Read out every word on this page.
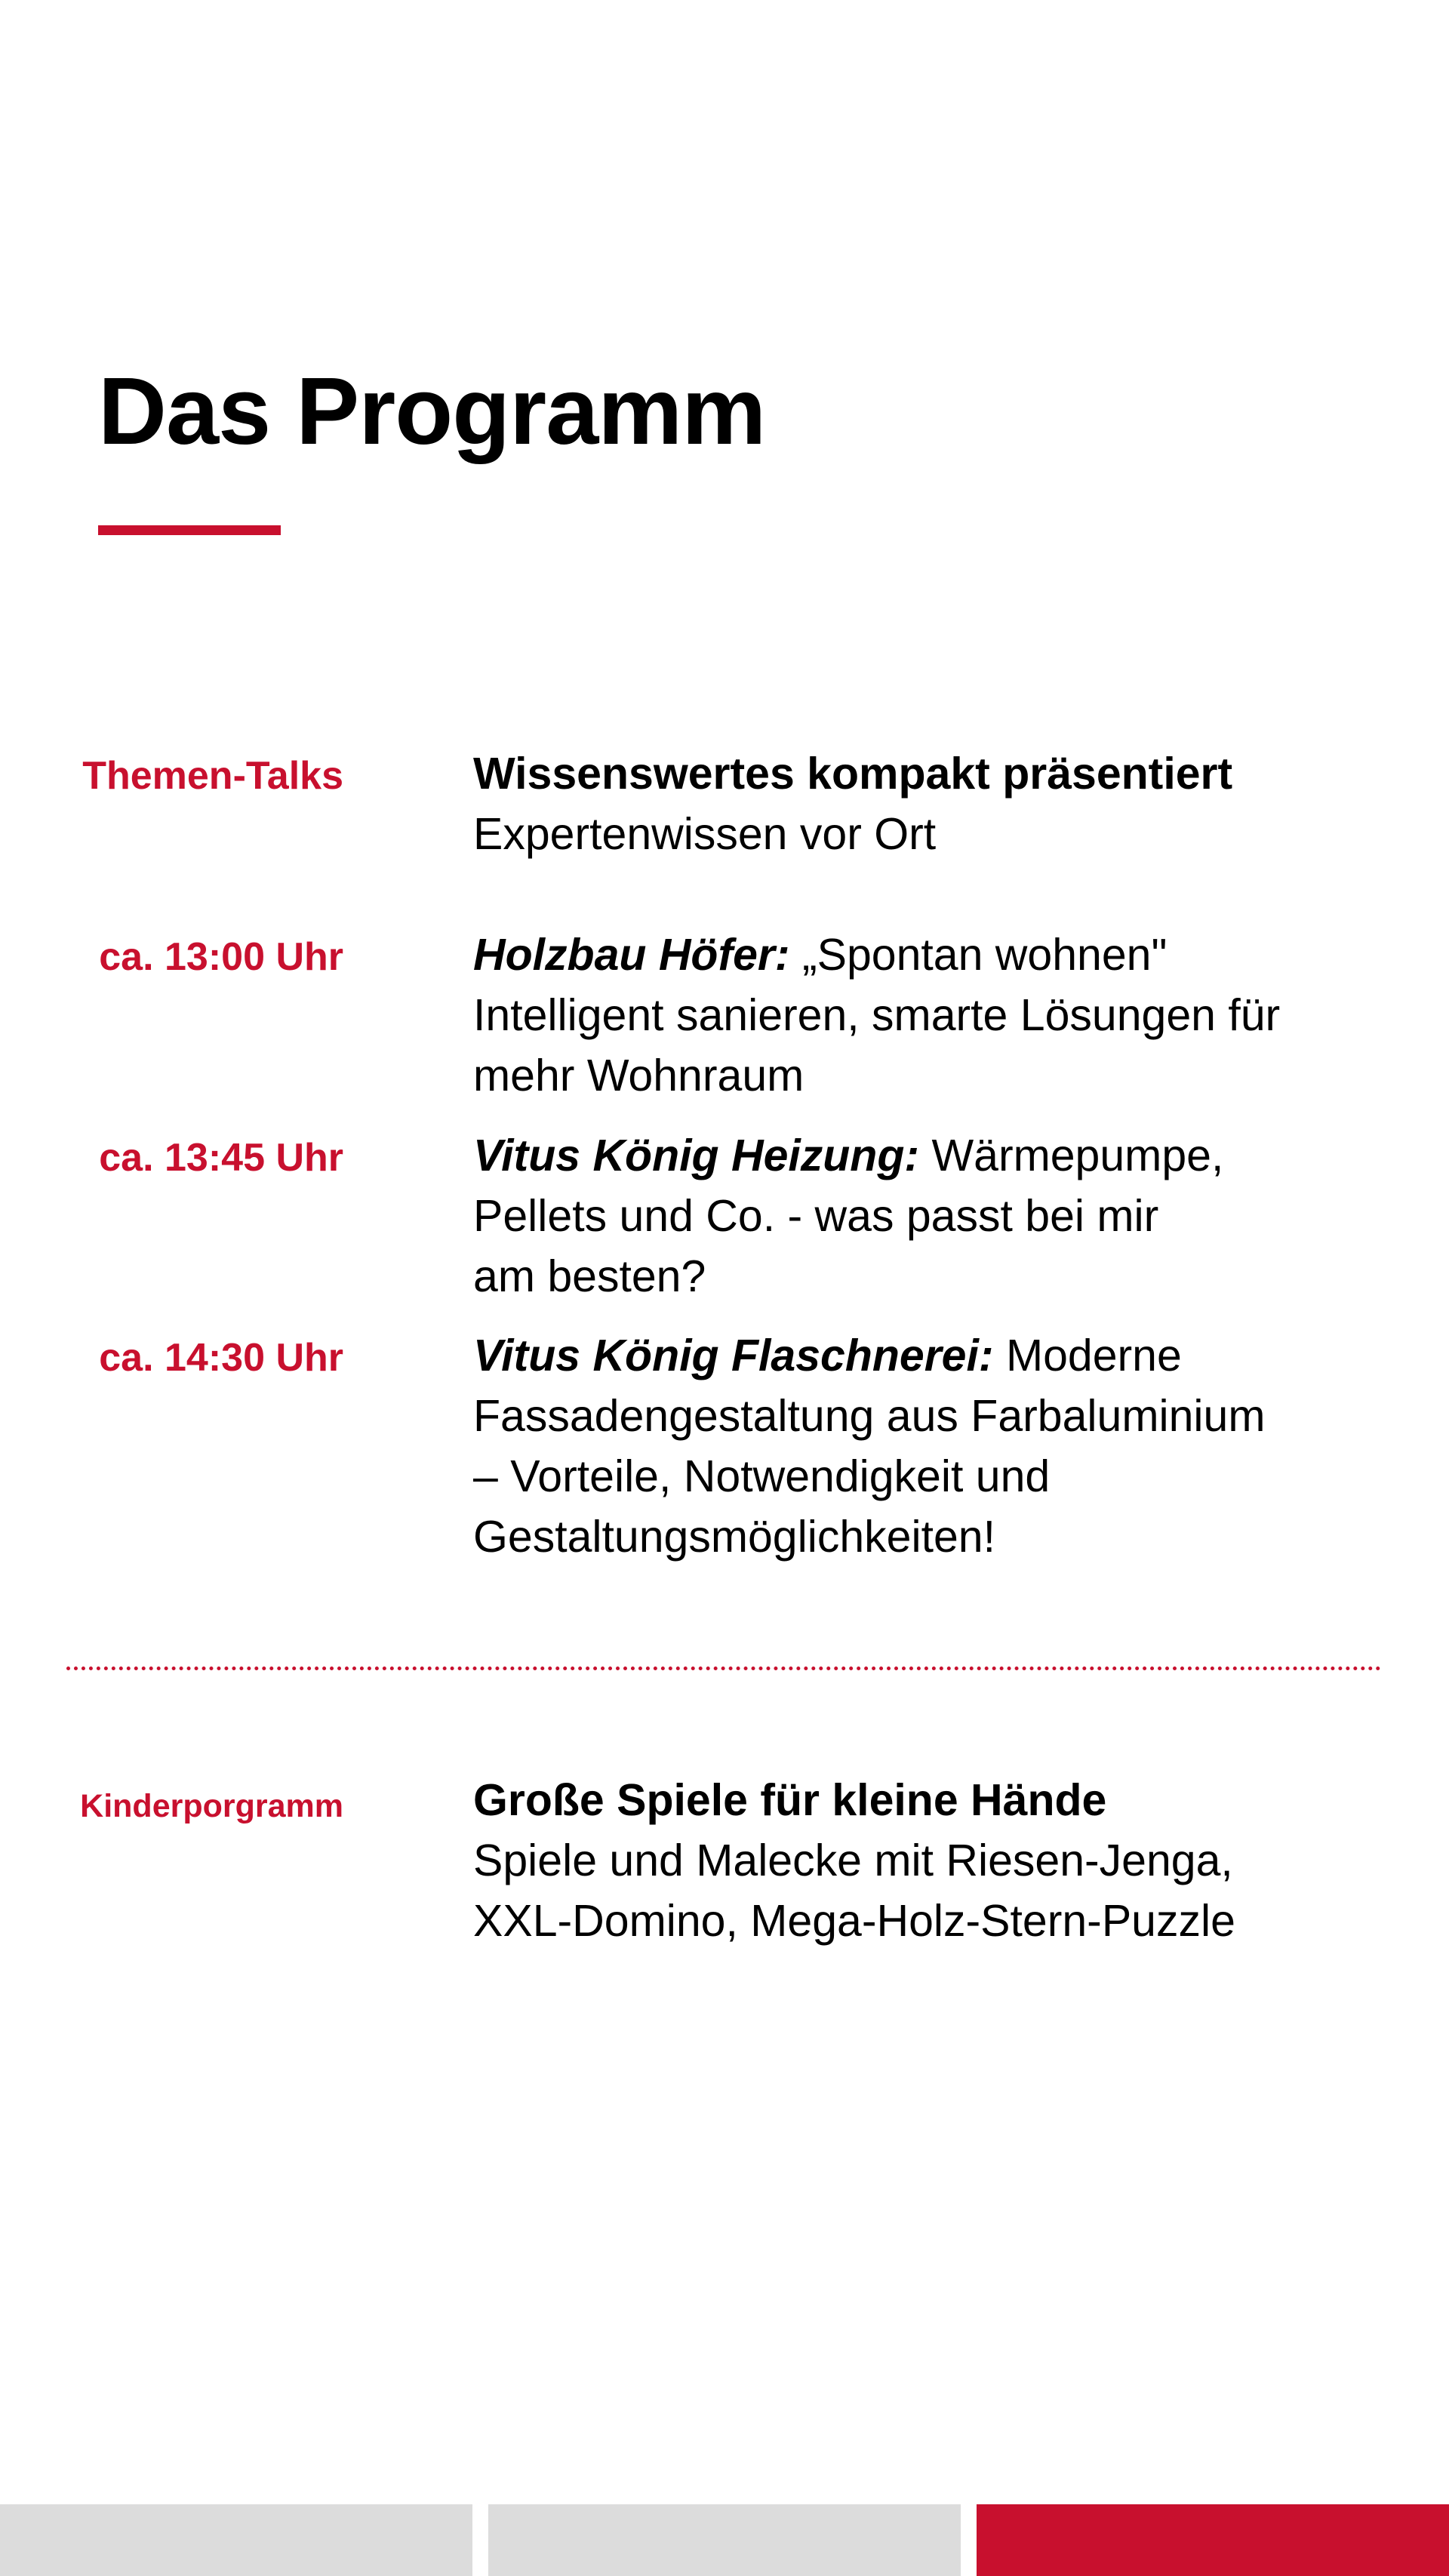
Das Programm
Themen-Talks	Wissenswertes kompakt präsentiert
Expertenwissen vor Ort
ca. 13:00 Uhr	Holzbau Höfer: „Spontan wohnen"
Intelligent sanieren, smarte Lösungen für
mehr Wohnraum
ca. 13:45 Uhr	Vitus König Heizung: Wärmepumpe,
Pellets und Co. - was passt bei mir
am besten?
ca. 14:30 Uhr	Vitus König Flaschnerei: Moderne
Fassadengestaltung aus Farbaluminium
– Vorteile, Notwendigkeit und
Gestaltungsmöglichkeiten!
Kinderporgramm	Große Spiele für kleine Hände
Spiele und Malecke mit Riesen-Jenga,
XXL-Domino, Mega-Holz-Stern-Puzzle
